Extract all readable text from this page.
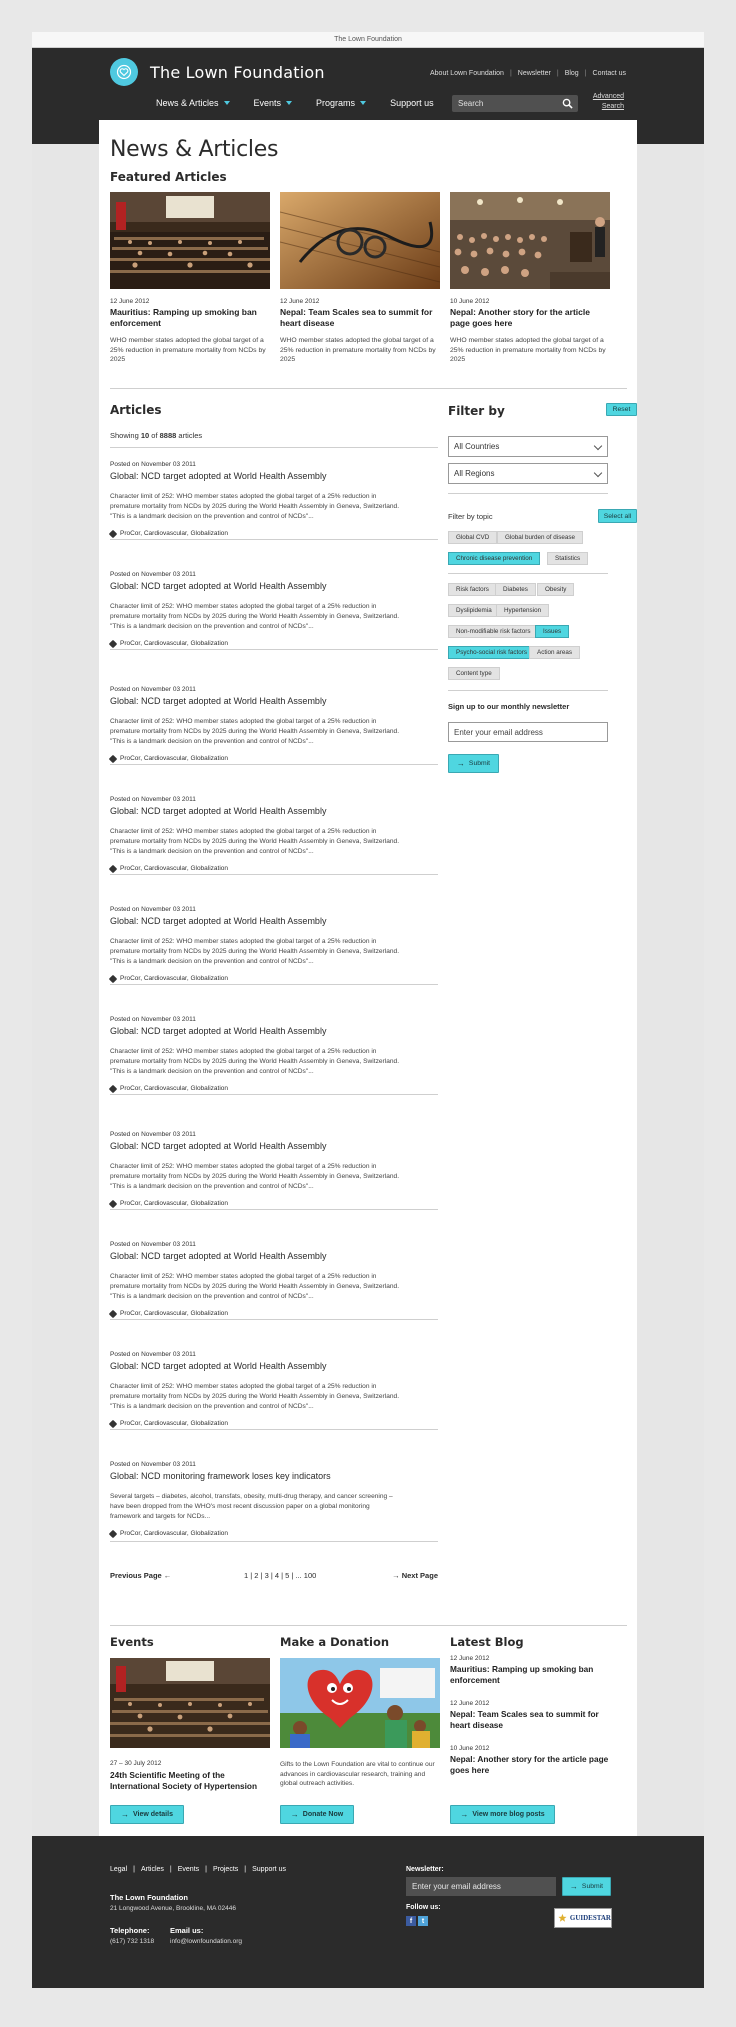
The Lown Foundation
The Lown Foundation	About Lown Foundation | Newsletter | Blog | Contact us
News & Articles	Events	Programs	Support us
Search
Advanced Search
News & Articles
Featured Articles
12 June 2012
Mauritius: Ramping up smoking ban enforcement
WHO member states adopted the global target of a 25% reduction in premature mortality from NCDs by 2025
12 June 2012
Nepal: Team Scales sea to summit for heart disease
WHO member states adopted the global target of a 25% reduction in premature mortality from NCDs by 2025
10 June 2012
Nepal: Another story for the article page goes here
WHO member states adopted the global target of a 25% reduction in premature mortality from NCDs by 2025
Articles
Showing 10 of 8888 articles
Posted on November 03 2011
Global: NCD target adopted at World Health Assembly
Character limit of 252: WHO member states adopted the global target of a 25% reduction in premature mortality from NCDs by 2025 during the World Health Assembly in Geneva, Switzerland. "This is a landmark decision on the prevention and control of NCDs"...
ProCor, Cardiovascular, Globalization
Posted on November 03 2011
Global: NCD target adopted at World Health Assembly
Character limit of 252: WHO member states adopted the global target of a 25% reduction in premature mortality from NCDs by 2025 during the World Health Assembly in Geneva, Switzerland. "This is a landmark decision on the prevention and control of NCDs"...
ProCor, Cardiovascular, Globalization
Posted on November 03 2011
Global: NCD target adopted at World Health Assembly
Character limit of 252: WHO member states adopted the global target of a 25% reduction in premature mortality from NCDs by 2025 during the World Health Assembly in Geneva, Switzerland. "This is a landmark decision on the prevention and control of NCDs"...
ProCor, Cardiovascular, Globalization
Posted on November 03 2011
Global: NCD target adopted at World Health Assembly
Character limit of 252: WHO member states adopted the global target of a 25% reduction in premature mortality from NCDs by 2025 during the World Health Assembly in Geneva, Switzerland. "This is a landmark decision on the prevention and control of NCDs"...
ProCor, Cardiovascular, Globalization
Posted on November 03 2011
Global: NCD target adopted at World Health Assembly
Character limit of 252: WHO member states adopted the global target of a 25% reduction in premature mortality from NCDs by 2025 during the World Health Assembly in Geneva, Switzerland. "This is a landmark decision on the prevention and control of NCDs"...
ProCor, Cardiovascular, Globalization
Posted on November 03 2011
Global: NCD target adopted at World Health Assembly
Character limit of 252: WHO member states adopted the global target of a 25% reduction in premature mortality from NCDs by 2025 during the World Health Assembly in Geneva, Switzerland. "This is a landmark decision on the prevention and control of NCDs"...
ProCor, Cardiovascular, Globalization
Posted on November 03 2011
Global: NCD target adopted at World Health Assembly
Character limit of 252: WHO member states adopted the global target of a 25% reduction in premature mortality from NCDs by 2025 during the World Health Assembly in Geneva, Switzerland. "This is a landmark decision on the prevention and control of NCDs"...
ProCor, Cardiovascular, Globalization
Posted on November 03 2011
Global: NCD target adopted at World Health Assembly
Character limit of 252: WHO member states adopted the global target of a 25% reduction in premature mortality from NCDs by 2025 during the World Health Assembly in Geneva, Switzerland. "This is a landmark decision on the prevention and control of NCDs"...
ProCor, Cardiovascular, Globalization
Posted on November 03 2011
Global: NCD target adopted at World Health Assembly
Character limit of 252: WHO member states adopted the global target of a 25% reduction in premature mortality from NCDs by 2025 during the World Health Assembly in Geneva, Switzerland. "This is a landmark decision on the prevention and control of NCDs"...
ProCor, Cardiovascular, Globalization
Posted on November 03 2011
Global: NCD monitoring framework loses key indicators
Several targets – diabetes, alcohol, transfats, obesity, multi-drug therapy, and cancer screening – have been dropped from the WHO's most recent discussion paper on a global monitoring framework and targets for NCDs...
ProCor, Cardiovascular, Globalization
Previous Page ←	1 | 2 | 3 | 4 | 5 | ... 100	→ Next Page
Filter by	Reset
All Countries
All Regions
Filter by topic	Select all
Global CVD	Global burden of disease
Chronic disease prevention	Statistics
Risk factors	Diabetes	Obesity
Dyslipidemia	Hypertension
Non-modifiable risk factors	Issues
Psycho-social risk factors	Action areas
Content type
Sign up to our monthly newsletter
Enter your email address
→ Submit
Events
27 – 30 July 2012
24th Scientific Meeting of the International Society of Hypertension
→ View details
Make a Donation
Gifts to the Lown Foundation are vital to continue our advances in cardiovascular research, training and global outreach activities.
→ Donate Now
Latest Blog
12 June 2012
Mauritius: Ramping up smoking ban enforcement
12 June 2012
Nepal: Team Scales sea to summit for heart disease
10 June 2012
Nepal: Another story for the article page goes here
→ View more blog posts
Legal | Articles | Events | Projects | Support us
The Lown Foundation
21 Longwood Avenue, Brookline, MA 02446
Telephone:
(617) 732 1318
Email us:
info@lownfoundation.org
Newsletter:
Enter your email address
→ Submit
Follow us:
f	t	GUIDESTAR
